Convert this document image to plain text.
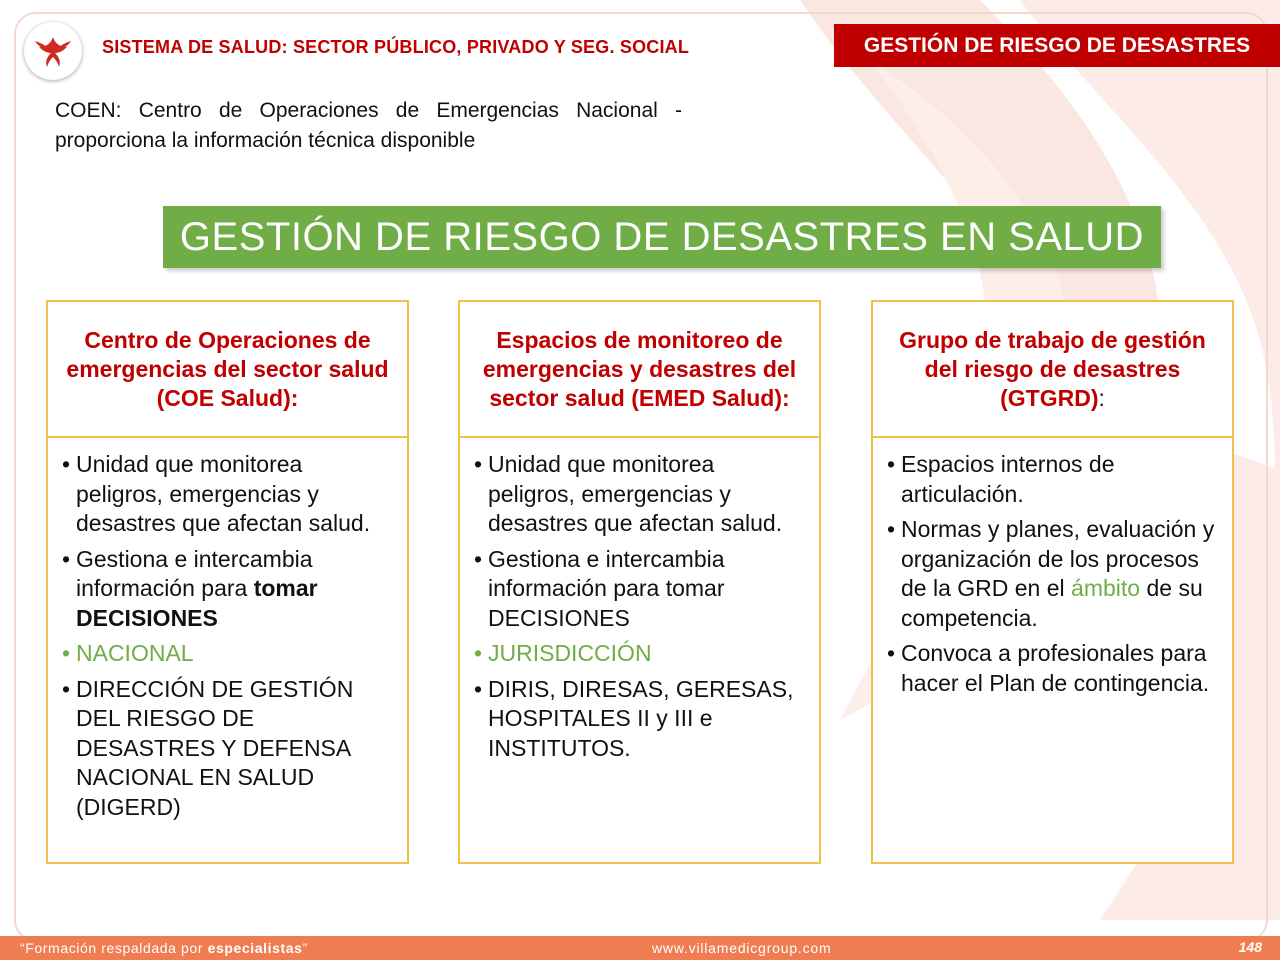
SISTEMA DE SALUD: SECTOR PÚBLICO, PRIVADO Y SEG. SOCIAL	GESTIÓN DE RIESGO DE DESASTRES

COEN: Centro de Operaciones de Emergencias Nacional - proporciona la información técnica disponible

GESTIÓN DE RIESGO DE DESASTRES EN SALUD
Centro de Operaciones de emergencias del sector salud (COE Salud):
• Unidad que monitorea peligros, emergencias y desastres que afectan salud.
• Gestiona e intercambia información para tomar DECISIONES
• NACIONAL
• DIRECCIÓN DE GESTIÓN DEL RIESGO DE DESASTRES Y DEFENSA NACIONAL EN SALUD (DIGERD)
Espacios de monitoreo de emergencias y desastres del sector salud (EMED Salud):
• Unidad que monitorea peligros, emergencias y desastres que afectan salud.
• Gestiona e intercambia información para tomar DECISIONES
• JURISDICCIÓN
• DIRIS, DIRESAS, GERESAS, HOSPITALES II y III e INSTITUTOS.
Grupo de trabajo de gestión del riesgo de desastres (GTGRD):
• Espacios internos de articulación.
• Normas y planes, evaluación y organización de los procesos de la GRD en el ámbito de su competencia.
• Convoca a profesionales para hacer el Plan de contingencia.
“Formación respaldada por especialistas”	www.villamedicgroup.com	148
